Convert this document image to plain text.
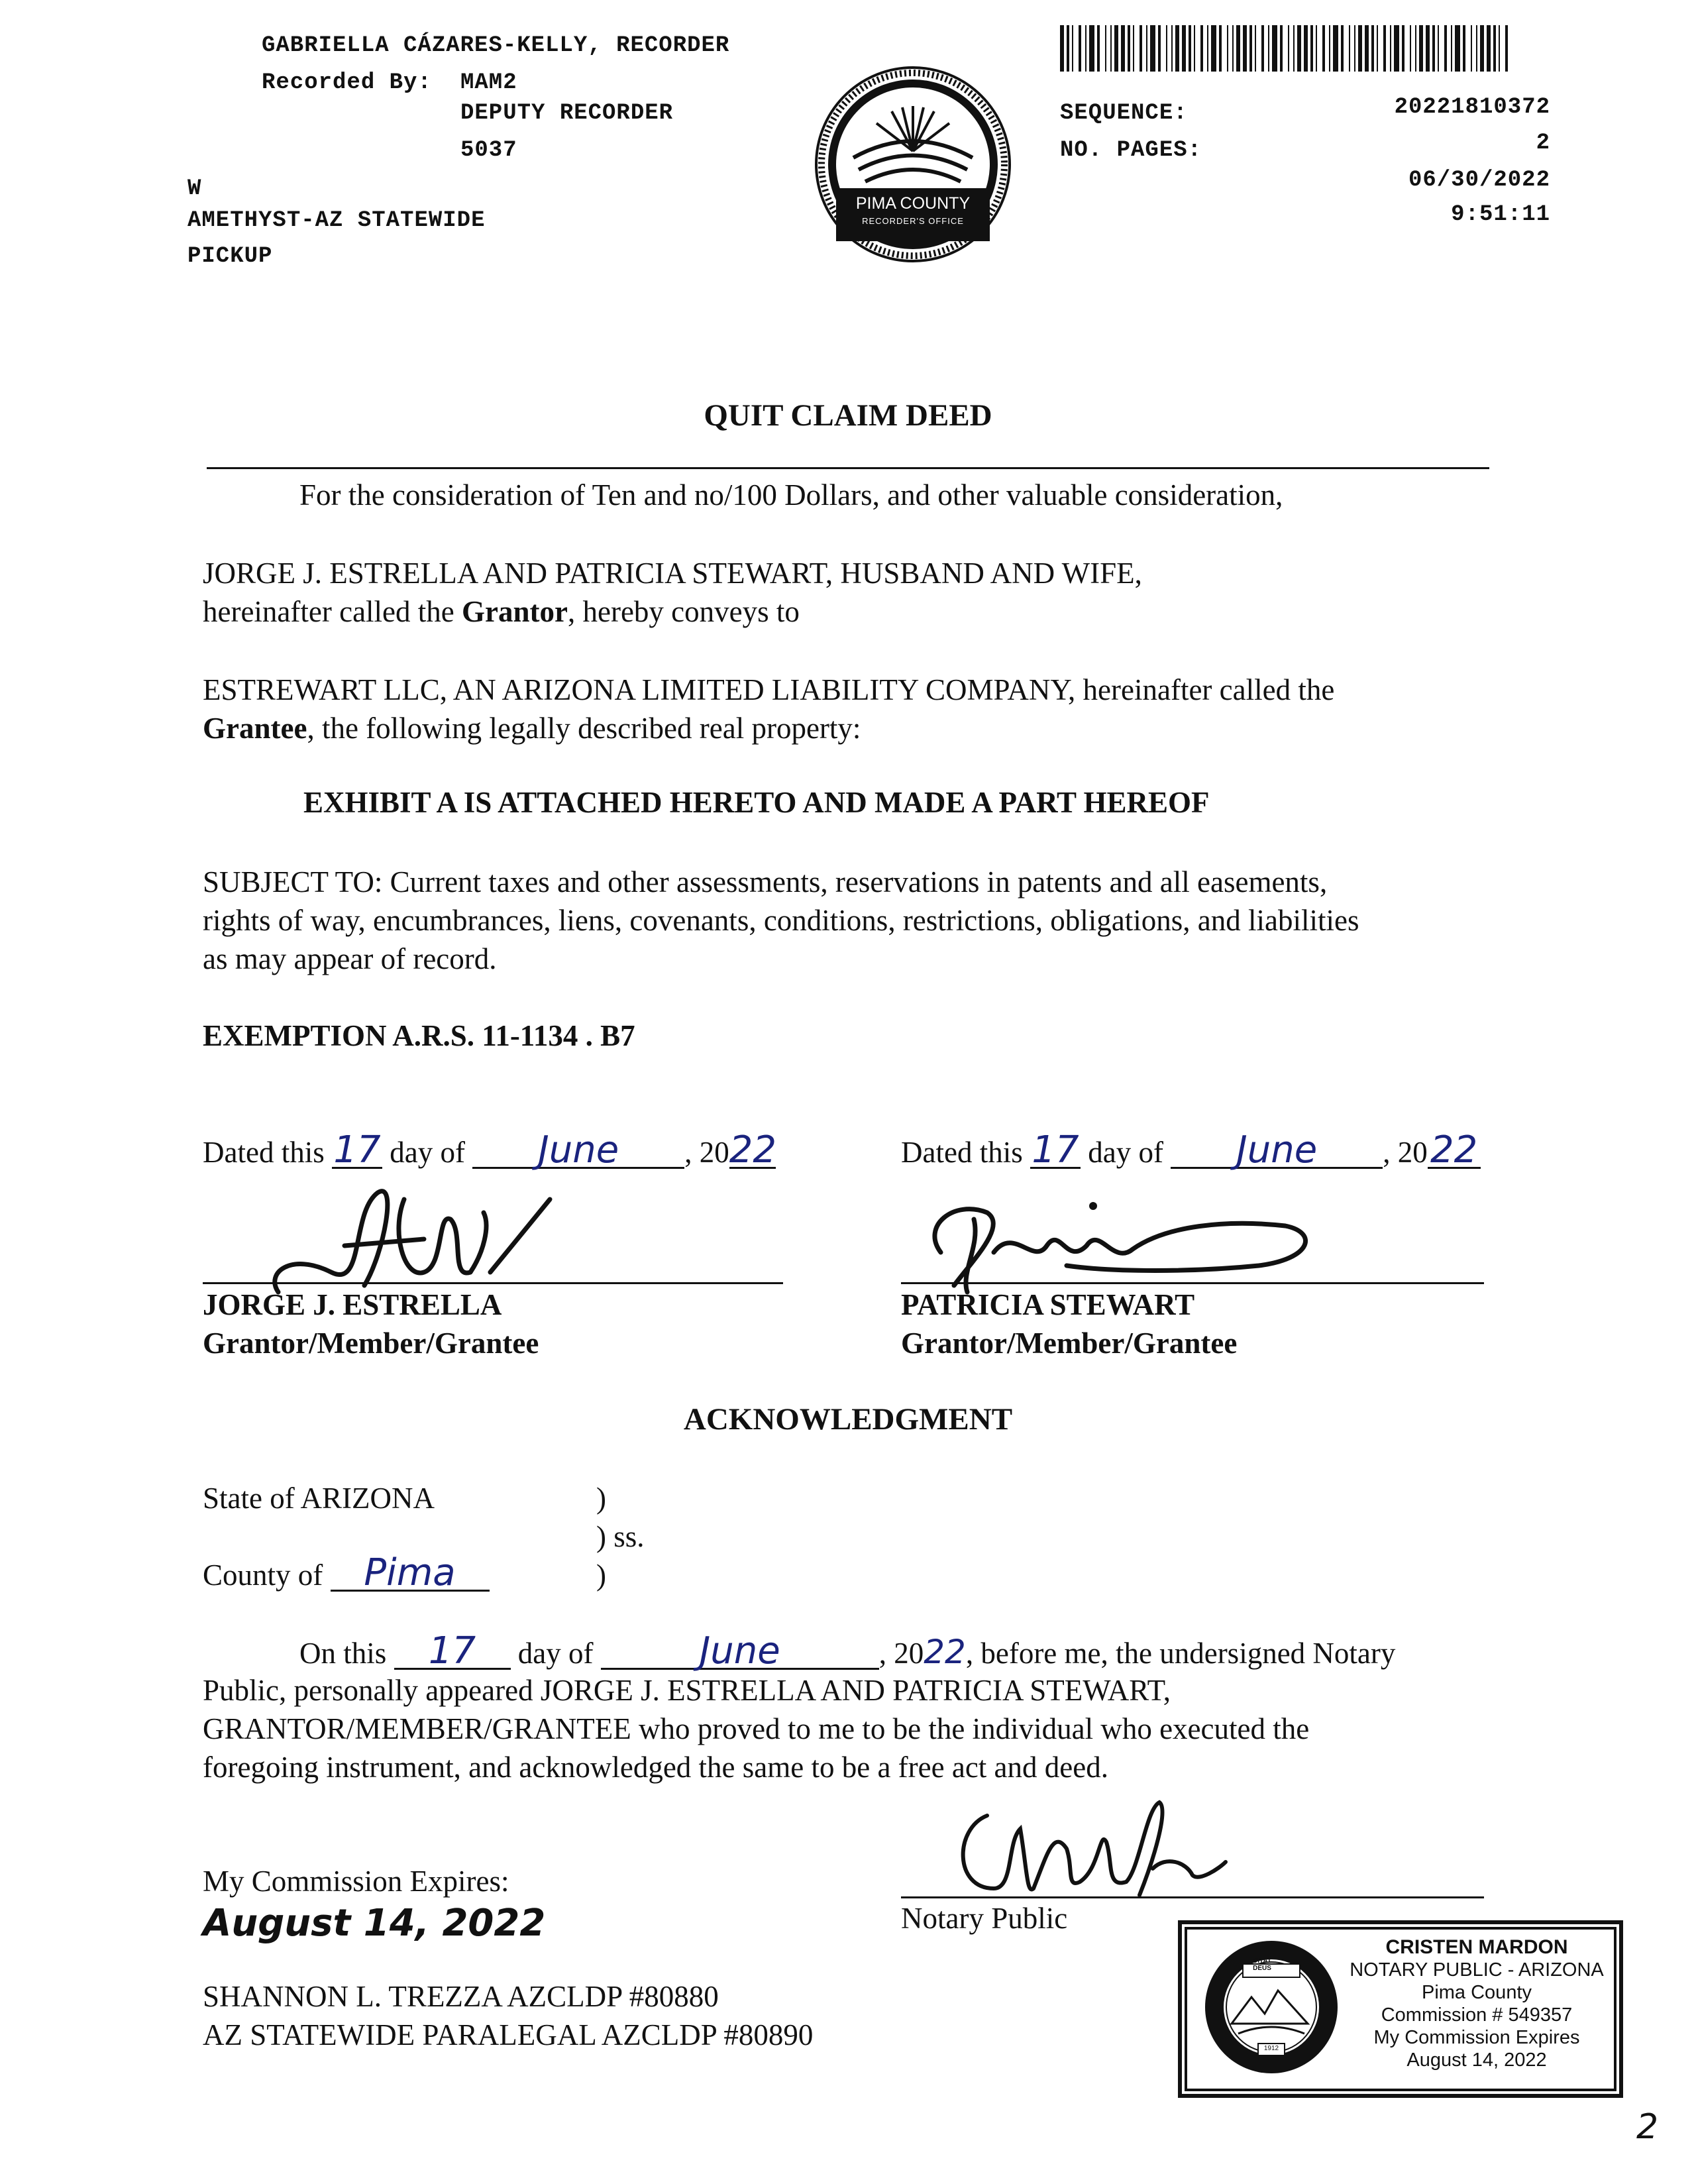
GABRIELLA CÁZARES-KELLY, RECORDER
Recorded By: MAM2
DEPUTY RECORDER
5037
W
AMETHYST-AZ STATEWIDE
PICKUP
PIMA COUNTY
RECORDER'S OFFICE
SEQUENCE:	20221810372
NO. PAGES:	2
06/30/2022
9:51:11
QUIT CLAIM DEED
For the consideration of Ten and no/100 Dollars, and other valuable consideration,
JORGE J. ESTRELLA AND PATRICIA STEWART, HUSBAND AND WIFE,
hereinafter called the Grantor, hereby conveys to
ESTREWART LLC, AN ARIZONA LIMITED LIABILITY COMPANY, hereinafter called the
Grantee, the following legally described real property:
EXHIBIT A IS ATTACHED HERETO AND MADE A PART HEREOF
SUBJECT TO: Current taxes and other assessments, reservations in patents and all easements,
rights of way, encumbrances, liens, covenants, conditions, restrictions, obligations, and liabilities
as may appear of record.
EXEMPTION A.R.S. 11-1134 . B7
Dated this 17 day of June , 2022	Dated this 17 day of June , 2022
JORGE J. ESTRELLA
Grantor/Member/Grantee
PATRICIA STEWART
Grantor/Member/Grantee
ACKNOWLEDGMENT
State of ARIZONA	)
) ss.
County of Pima	)
On this 17 day of	June	, 2022, before me, the undersigned Notary
Public, personally appeared JORGE J. ESTRELLA AND PATRICIA STEWART,
GRANTOR/MEMBER/GRANTEE who proved to me to be the individual who executed the
foregoing instrument, and acknowledged the same to be a free act and deed.
Notary Public
My Commission Expires:
August 14, 2022
SHANNON L. TREZZA AZCLDP #80880
AZ STATEWIDE PARALEGAL AZCLDP #80890
DITAT DEUS
1912
CRISTEN MARDON
NOTARY PUBLIC - ARIZONA
Pima County
Commission # 549357
My Commission Expires
August 14, 2022
2
